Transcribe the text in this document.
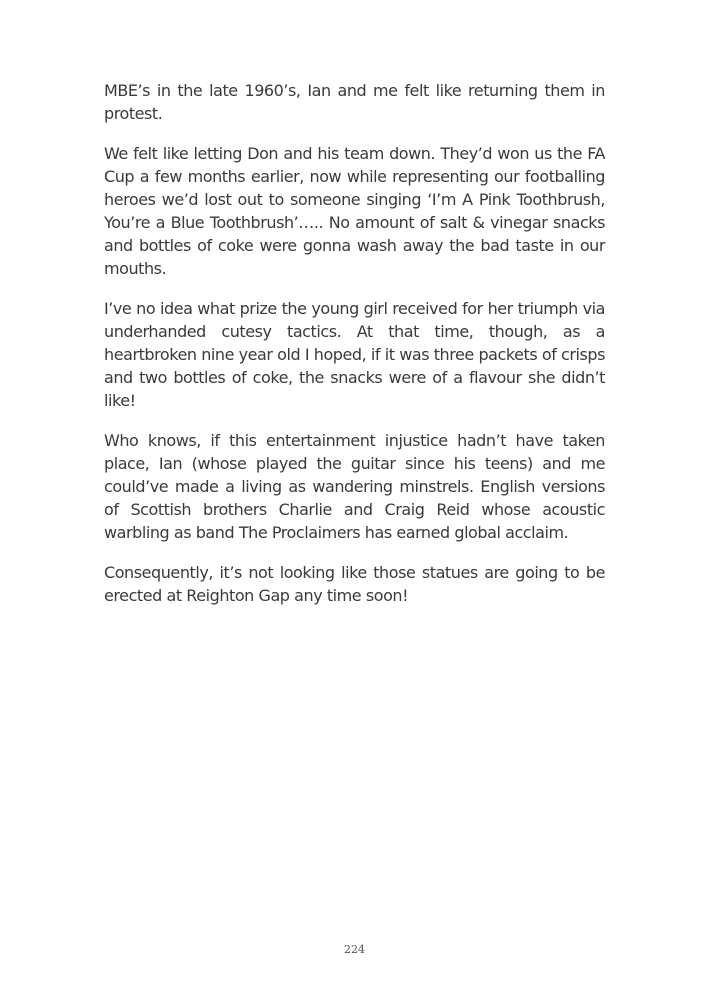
MBE’s in the late 1960’s, Ian and me felt like returning them in protest.

We felt like letting Don and his team down. They’d won us the FA Cup a few months earlier, now while representing our footballing heroes we’d lost out to someone singing ‘I’m A Pink Toothbrush, You’re a Blue Toothbrush’….. No amount of salt & vinegar snacks and bottles of coke were gonna wash away the bad taste in our mouths.

I’ve no idea what prize the young girl received for her triumph via underhanded cutesy tactics. At that time, though, as a heartbroken nine year old I hoped, if it was three packets of crisps and two bottles of coke, the snacks were of a flavour she didn’t like!

Who knows, if this entertainment injustice hadn’t have taken place, Ian (whose played the guitar since his teens) and me could’ve made a living as wandering minstrels. English versions of Scottish brothers Charlie and Craig Reid whose acoustic warbling as band The Proclaimers has earned global acclaim.

Consequently, it’s not looking like those statues are going to be erected at Reighton Gap any time soon!

224
